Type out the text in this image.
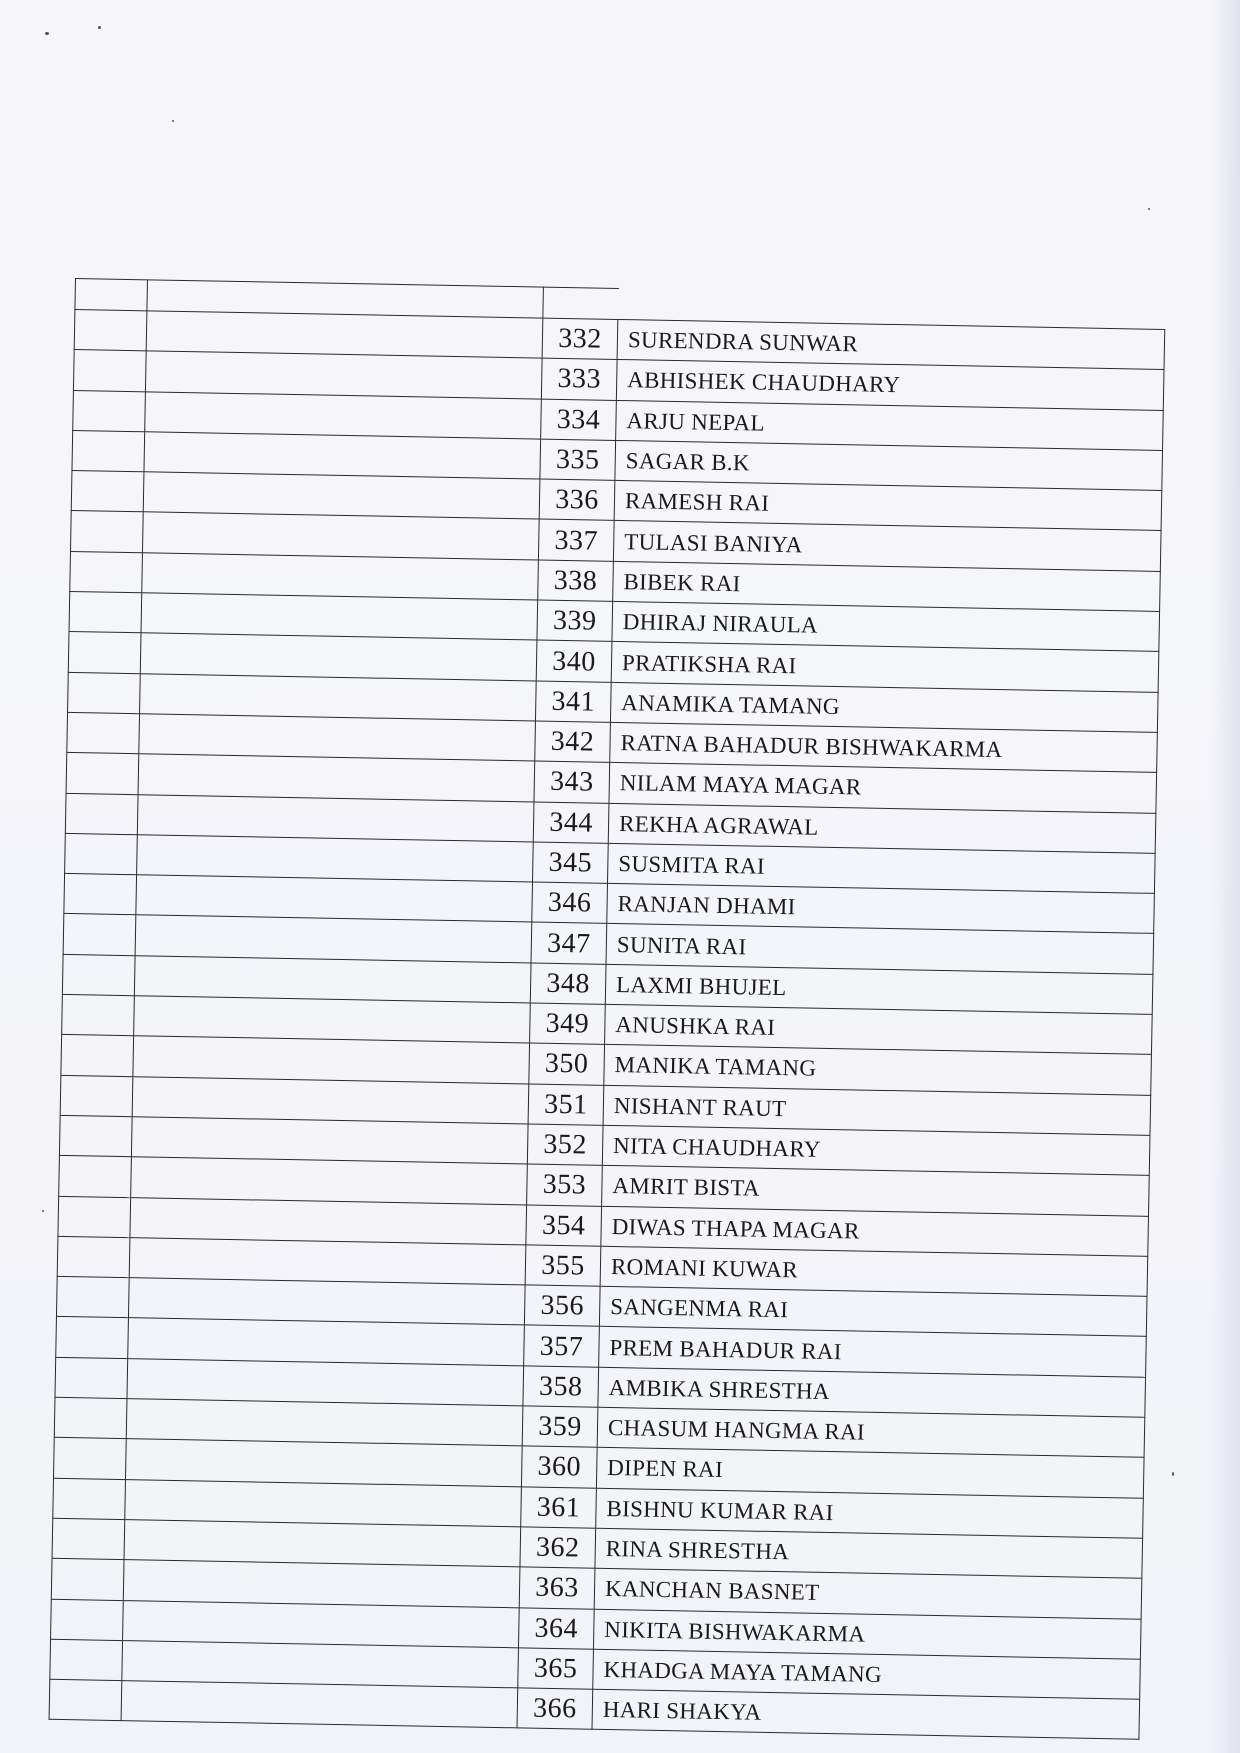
		332	SURENDRA SUNWAR
		333	ABHISHEK CHAUDHARY
		334	ARJU NEPAL
		335	SAGAR B.K
		336	RAMESH RAI
		337	TULASI BANIYA
		338	BIBEK RAI
		339	DHIRAJ NIRAULA
		340	PRATIKSHA RAI
		341	ANAMIKA TAMANG
		342	RATNA BAHADUR BISHWAKARMA
		343	NILAM MAYA MAGAR
		344	REKHA AGRAWAL
		345	SUSMITA RAI
		346	RANJAN DHAMI
		347	SUNITA RAI
		348	LAXMI BHUJEL
		349	ANUSHKA RAI
		350	MANIKA TAMANG
		351	NISHANT RAUT
		352	NITA CHAUDHARY
		353	AMRIT BISTA
		354	DIWAS THAPA MAGAR
		355	ROMANI KUWAR
		356	SANGENMA RAI
		357	PREM BAHADUR RAI
		358	AMBIKA SHRESTHA
		359	CHASUM HANGMA RAI
		360	DIPEN RAI
		361	BISHNU KUMAR RAI
		362	RINA SHRESTHA
		363	KANCHAN BASNET
		364	NIKITA BISHWAKARMA
		365	KHADGA MAYA TAMANG
		366	HARI SHAKYA
